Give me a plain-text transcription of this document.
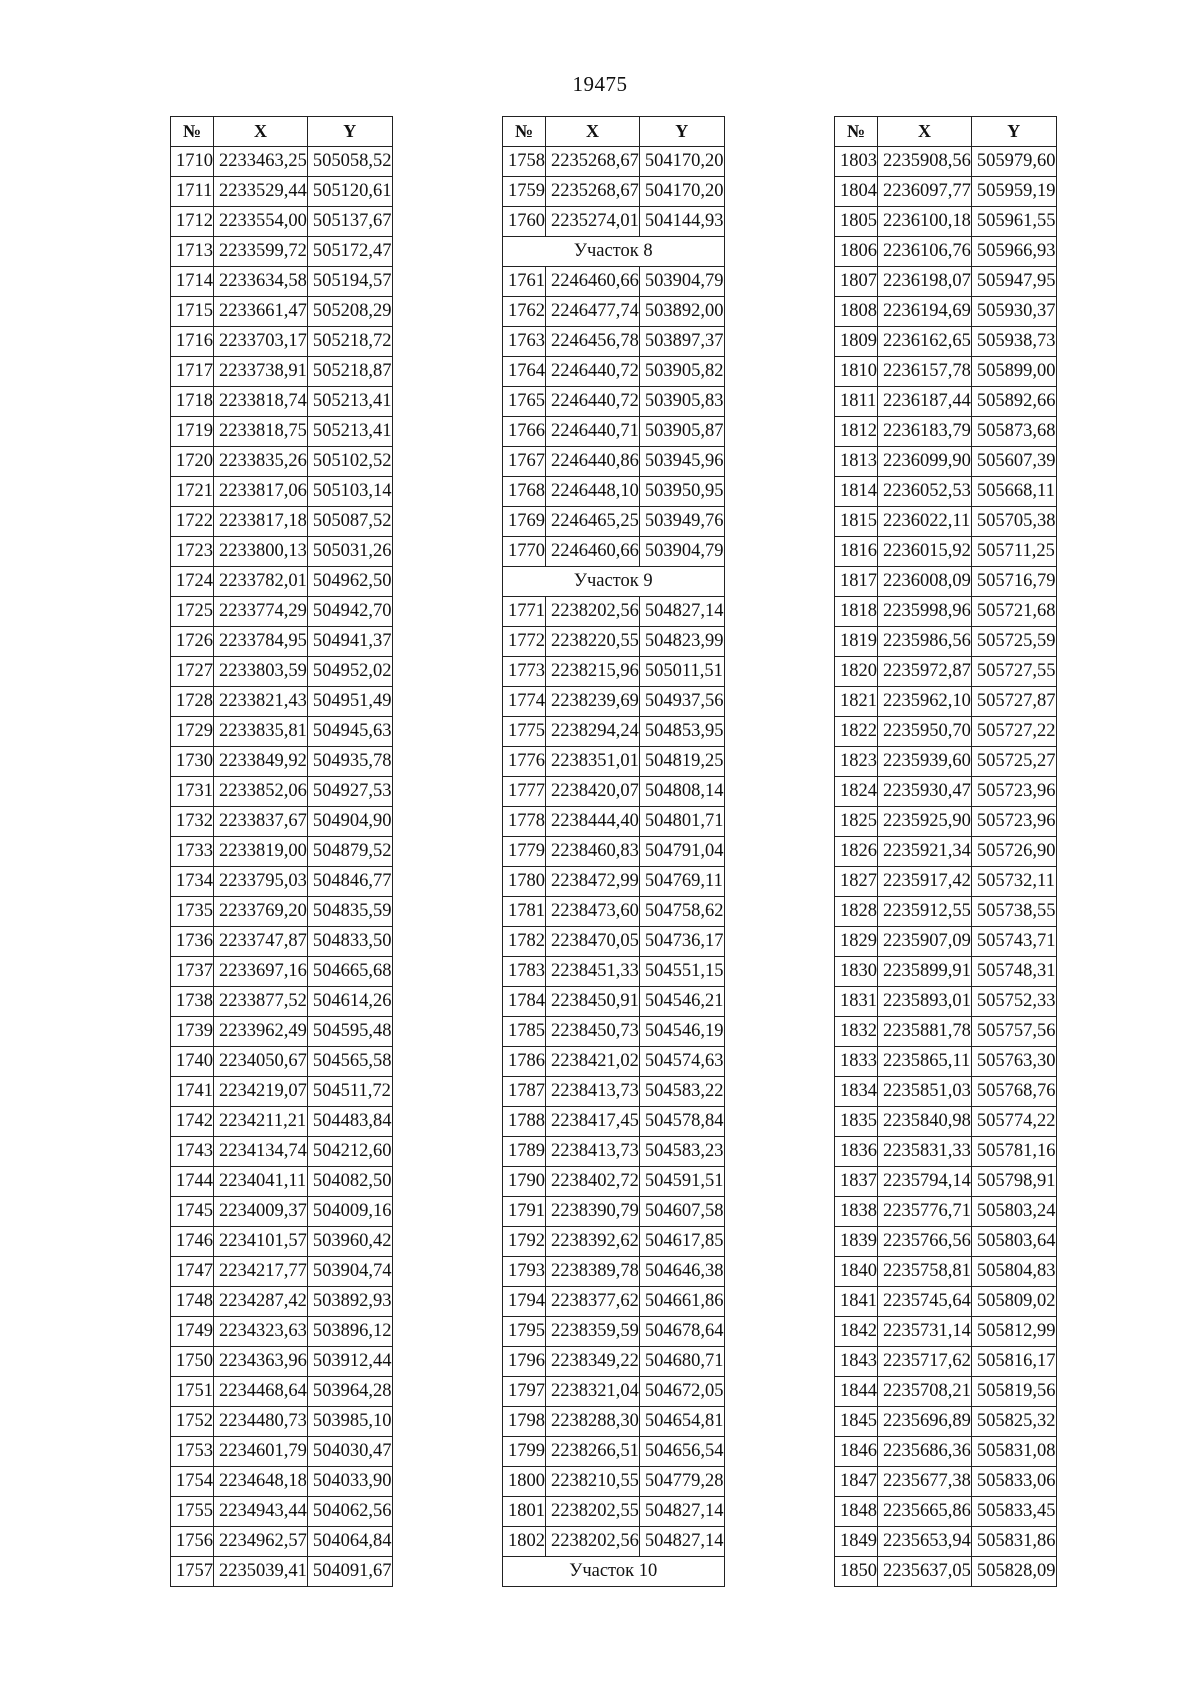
19475
№	X	Y
1710	2233463,25	505058,52
1711	2233529,44	505120,61
1712	2233554,00	505137,67
1713	2233599,72	505172,47
1714	2233634,58	505194,57
1715	2233661,47	505208,29
1716	2233703,17	505218,72
1717	2233738,91	505218,87
1718	2233818,74	505213,41
1719	2233818,75	505213,41
1720	2233835,26	505102,52
1721	2233817,06	505103,14
1722	2233817,18	505087,52
1723	2233800,13	505031,26
1724	2233782,01	504962,50
1725	2233774,29	504942,70
1726	2233784,95	504941,37
1727	2233803,59	504952,02
1728	2233821,43	504951,49
1729	2233835,81	504945,63
1730	2233849,92	504935,78
1731	2233852,06	504927,53
1732	2233837,67	504904,90
1733	2233819,00	504879,52
1734	2233795,03	504846,77
1735	2233769,20	504835,59
1736	2233747,87	504833,50
1737	2233697,16	504665,68
1738	2233877,52	504614,26
1739	2233962,49	504595,48
1740	2234050,67	504565,58
1741	2234219,07	504511,72
1742	2234211,21	504483,84
1743	2234134,74	504212,60
1744	2234041,11	504082,50
1745	2234009,37	504009,16
1746	2234101,57	503960,42
1747	2234217,77	503904,74
1748	2234287,42	503892,93
1749	2234323,63	503896,12
1750	2234363,96	503912,44
1751	2234468,64	503964,28
1752	2234480,73	503985,10
1753	2234601,79	504030,47
1754	2234648,18	504033,90
1755	2234943,44	504062,56
1756	2234962,57	504064,84
1757	2235039,41	504091,67
№	X	Y
1758	2235268,67	504170,20
1759	2235268,67	504170,20
1760	2235274,01	504144,93
Участок 8		
1761	2246460,66	503904,79
1762	2246477,74	503892,00
1763	2246456,78	503897,37
1764	2246440,72	503905,82
1765	2246440,72	503905,83
1766	2246440,71	503905,87
1767	2246440,86	503945,96
1768	2246448,10	503950,95
1769	2246465,25	503949,76
1770	2246460,66	503904,79
Участок 9		
1771	2238202,56	504827,14
1772	2238220,55	504823,99
1773	2238215,96	505011,51
1774	2238239,69	504937,56
1775	2238294,24	504853,95
1776	2238351,01	504819,25
1777	2238420,07	504808,14
1778	2238444,40	504801,71
1779	2238460,83	504791,04
1780	2238472,99	504769,11
1781	2238473,60	504758,62
1782	2238470,05	504736,17
1783	2238451,33	504551,15
1784	2238450,91	504546,21
1785	2238450,73	504546,19
1786	2238421,02	504574,63
1787	2238413,73	504583,22
1788	2238417,45	504578,84
1789	2238413,73	504583,23
1790	2238402,72	504591,51
1791	2238390,79	504607,58
1792	2238392,62	504617,85
1793	2238389,78	504646,38
1794	2238377,62	504661,86
1795	2238359,59	504678,64
1796	2238349,22	504680,71
1797	2238321,04	504672,05
1798	2238288,30	504654,81
1799	2238266,51	504656,54
1800	2238210,55	504779,28
1801	2238202,55	504827,14
1802	2238202,56	504827,14
Участок 10		
№	X	Y
1803	2235908,56	505979,60
1804	2236097,77	505959,19
1805	2236100,18	505961,55
1806	2236106,76	505966,93
1807	2236198,07	505947,95
1808	2236194,69	505930,37
1809	2236162,65	505938,73
1810	2236157,78	505899,00
1811	2236187,44	505892,66
1812	2236183,79	505873,68
1813	2236099,90	505607,39
1814	2236052,53	505668,11
1815	2236022,11	505705,38
1816	2236015,92	505711,25
1817	2236008,09	505716,79
1818	2235998,96	505721,68
1819	2235986,56	505725,59
1820	2235972,87	505727,55
1821	2235962,10	505727,87
1822	2235950,70	505727,22
1823	2235939,60	505725,27
1824	2235930,47	505723,96
1825	2235925,90	505723,96
1826	2235921,34	505726,90
1827	2235917,42	505732,11
1828	2235912,55	505738,55
1829	2235907,09	505743,71
1830	2235899,91	505748,31
1831	2235893,01	505752,33
1832	2235881,78	505757,56
1833	2235865,11	505763,30
1834	2235851,03	505768,76
1835	2235840,98	505774,22
1836	2235831,33	505781,16
1837	2235794,14	505798,91
1838	2235776,71	505803,24
1839	2235766,56	505803,64
1840	2235758,81	505804,83
1841	2235745,64	505809,02
1842	2235731,14	505812,99
1843	2235717,62	505816,17
1844	2235708,21	505819,56
1845	2235696,89	505825,32
1846	2235686,36	505831,08
1847	2235677,38	505833,06
1848	2235665,86	505833,45
1849	2235653,94	505831,86
1850	2235637,05	505828,09
